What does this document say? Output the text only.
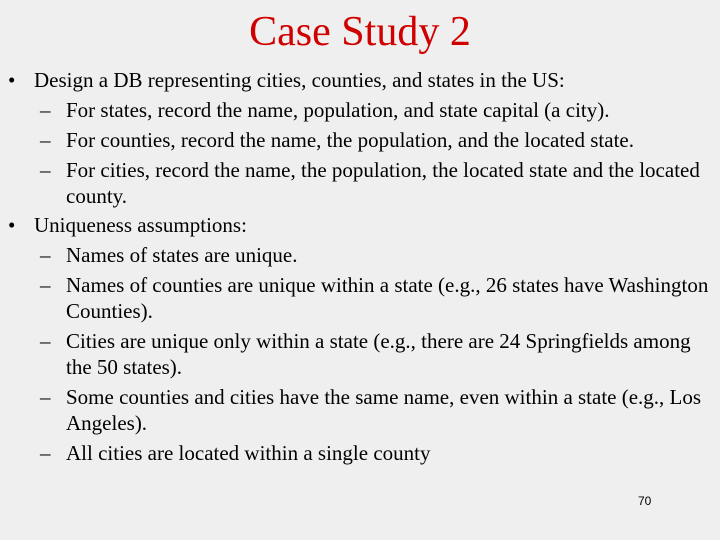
Case Study 2
• Design a DB representing cities, counties, and states in the US:
– For states, record the name, population, and state capital (a city).
– For counties, record the name, the population, and the located state.
– For cities, record the name, the population, the located state and the located county.
• Uniqueness assumptions:
– Names of states are unique.
– Names of counties are unique within a state (e.g., 26 states have Washington Counties).
– Cities are unique only within a state (e.g., there are 24 Springfields among the 50 states).
– Some counties and cities have the same name, even within a state (e.g., Los Angeles).
– All cities are located within a single county
70
